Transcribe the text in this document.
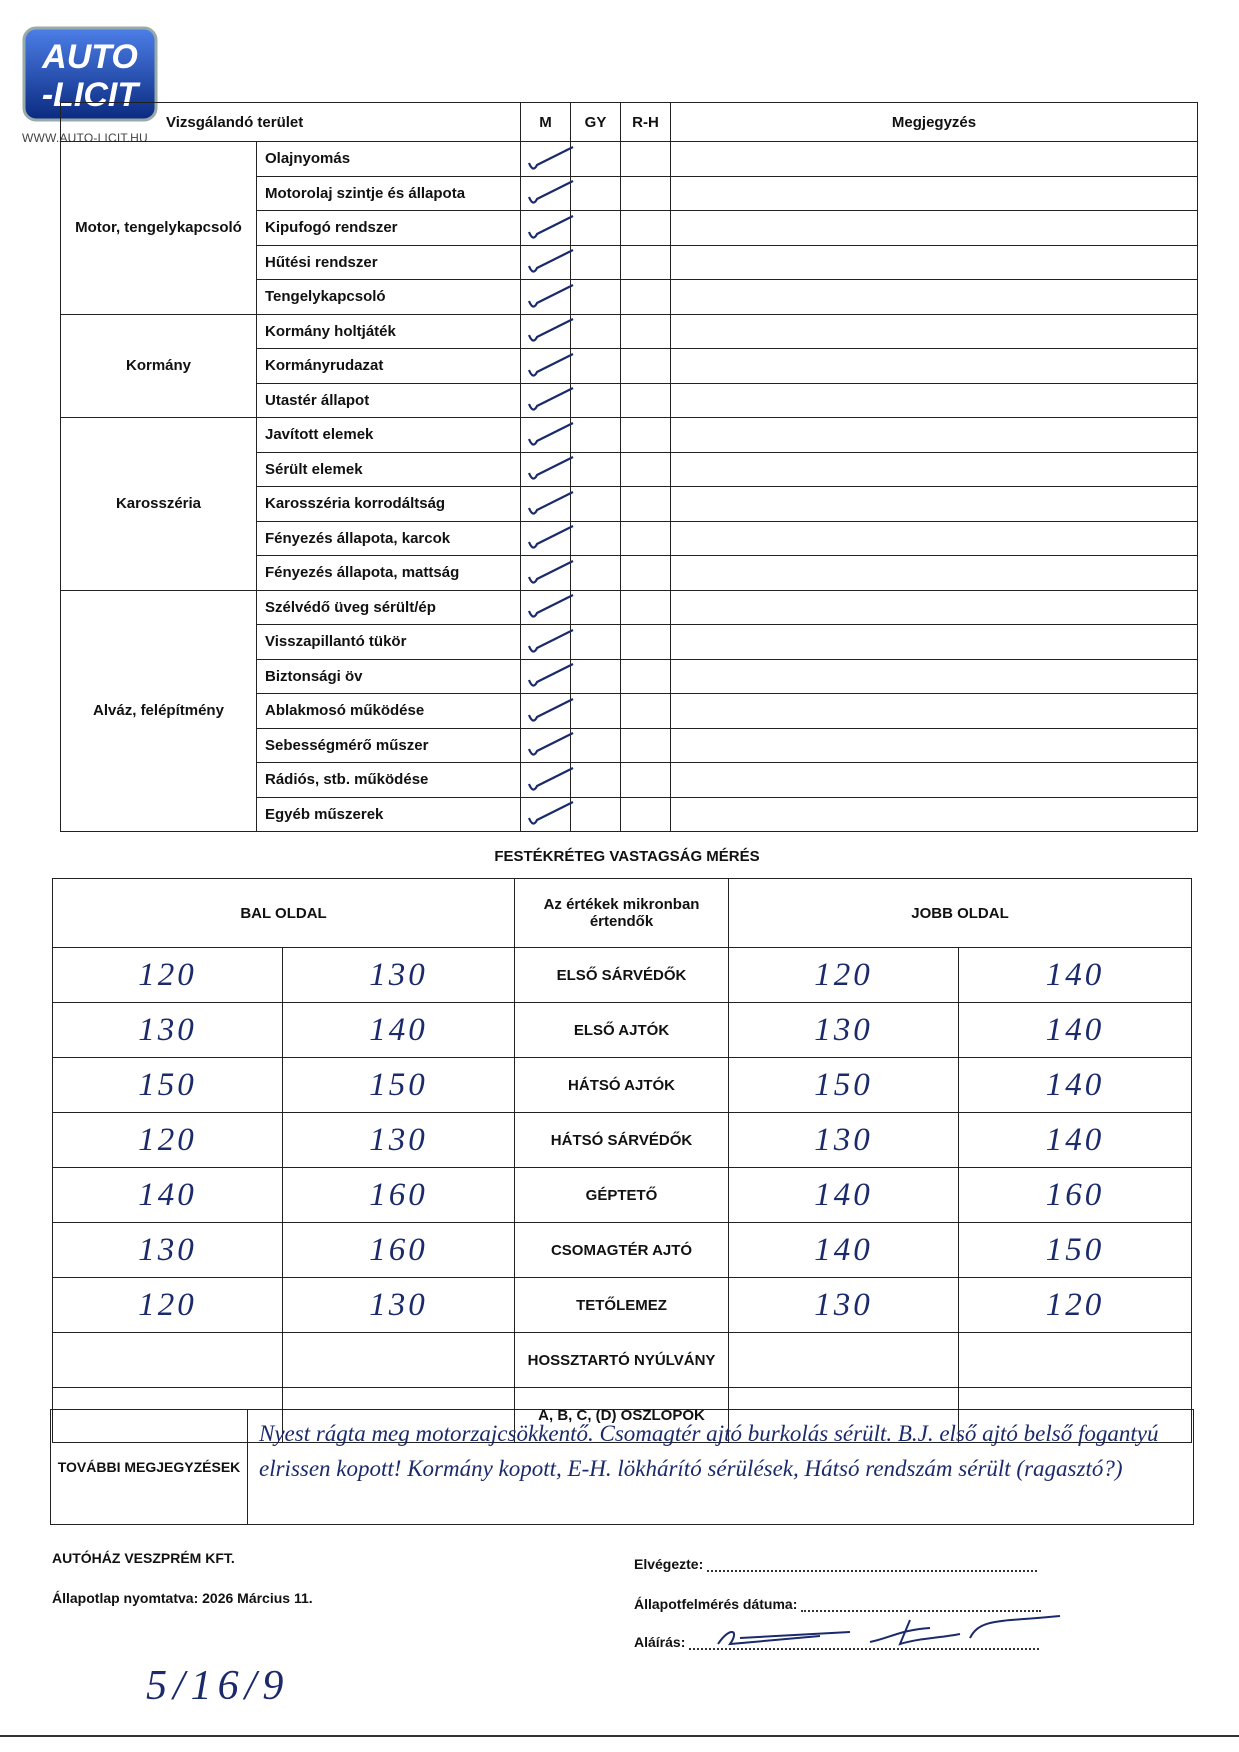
AUTO
-LICIT
WWW.AUTO-LICIT.HU
Vizsgálandó terület		M	GY	R-H	Megjegyzés
Motor, tengelykapcsoló	Olajnyomás	

	Motorolaj szintje és állapota	

	Kipufogó rendszer	

	Hűtési rendszer	

	Tengelykapcsoló	

Kormány	Kormány holtjáték	

	Kormányrudazat	

	Utastér állapot	

Karosszéria	Javított elemek	

	Sérült elemek	

	Karosszéria korrodáltság	

	Fényezés állapota, karcok	

	Fényezés állapota, mattság	

Alváz, felépítmény	Szélvédő üveg sérült/ép	

	Visszapillantó tükör	

	Biztonsági öv	

	Ablakmosó működése	

	Sebességmérő műszer	

	Rádiós, stb. működése	

	Egyéb műszerek	

FESTÉKRÉTEG VASTAGSÁG MÉRÉS
BAL OLDAL		Az értékek mikronban értendők	JOBB OLDAL	
120	130	ELSŐ SÁRVÉDŐK	120	140
130	140	ELSŐ AJTÓK	130	140
150	150	HÁTSÓ AJTÓK	150	140
120	130	HÁTSÓ SÁRVÉDŐK	130	140
140	160	GÉPTETŐ	140	160
130	160	CSOMAGTÉR AJTÓ	140	150
120	130	TETŐLEMEZ	130	120
		HOSSZTARTÓ NYÚLVÁNY		
		A, B, C, (D) OSZLOPOK		
TOVÁBBI MEGJEGYZÉSEK
Nyest rágta meg motorzajcsökkentő. Csomagtér ajtó burkolás sérült. B.J. első ajtó belső fogantyú elrissen kopott! Kormány kopott, E-H. lökhárító sérülések, Hátsó rendszám sérült (ragasztó?)
AUTÓHÁZ VESZPRÉM KFT.
Állapotlap nyomtatva: 2026 Március 11.
Elvégezte:
Állapotfelmérés dátuma:
Aláírás:
5/16/9
